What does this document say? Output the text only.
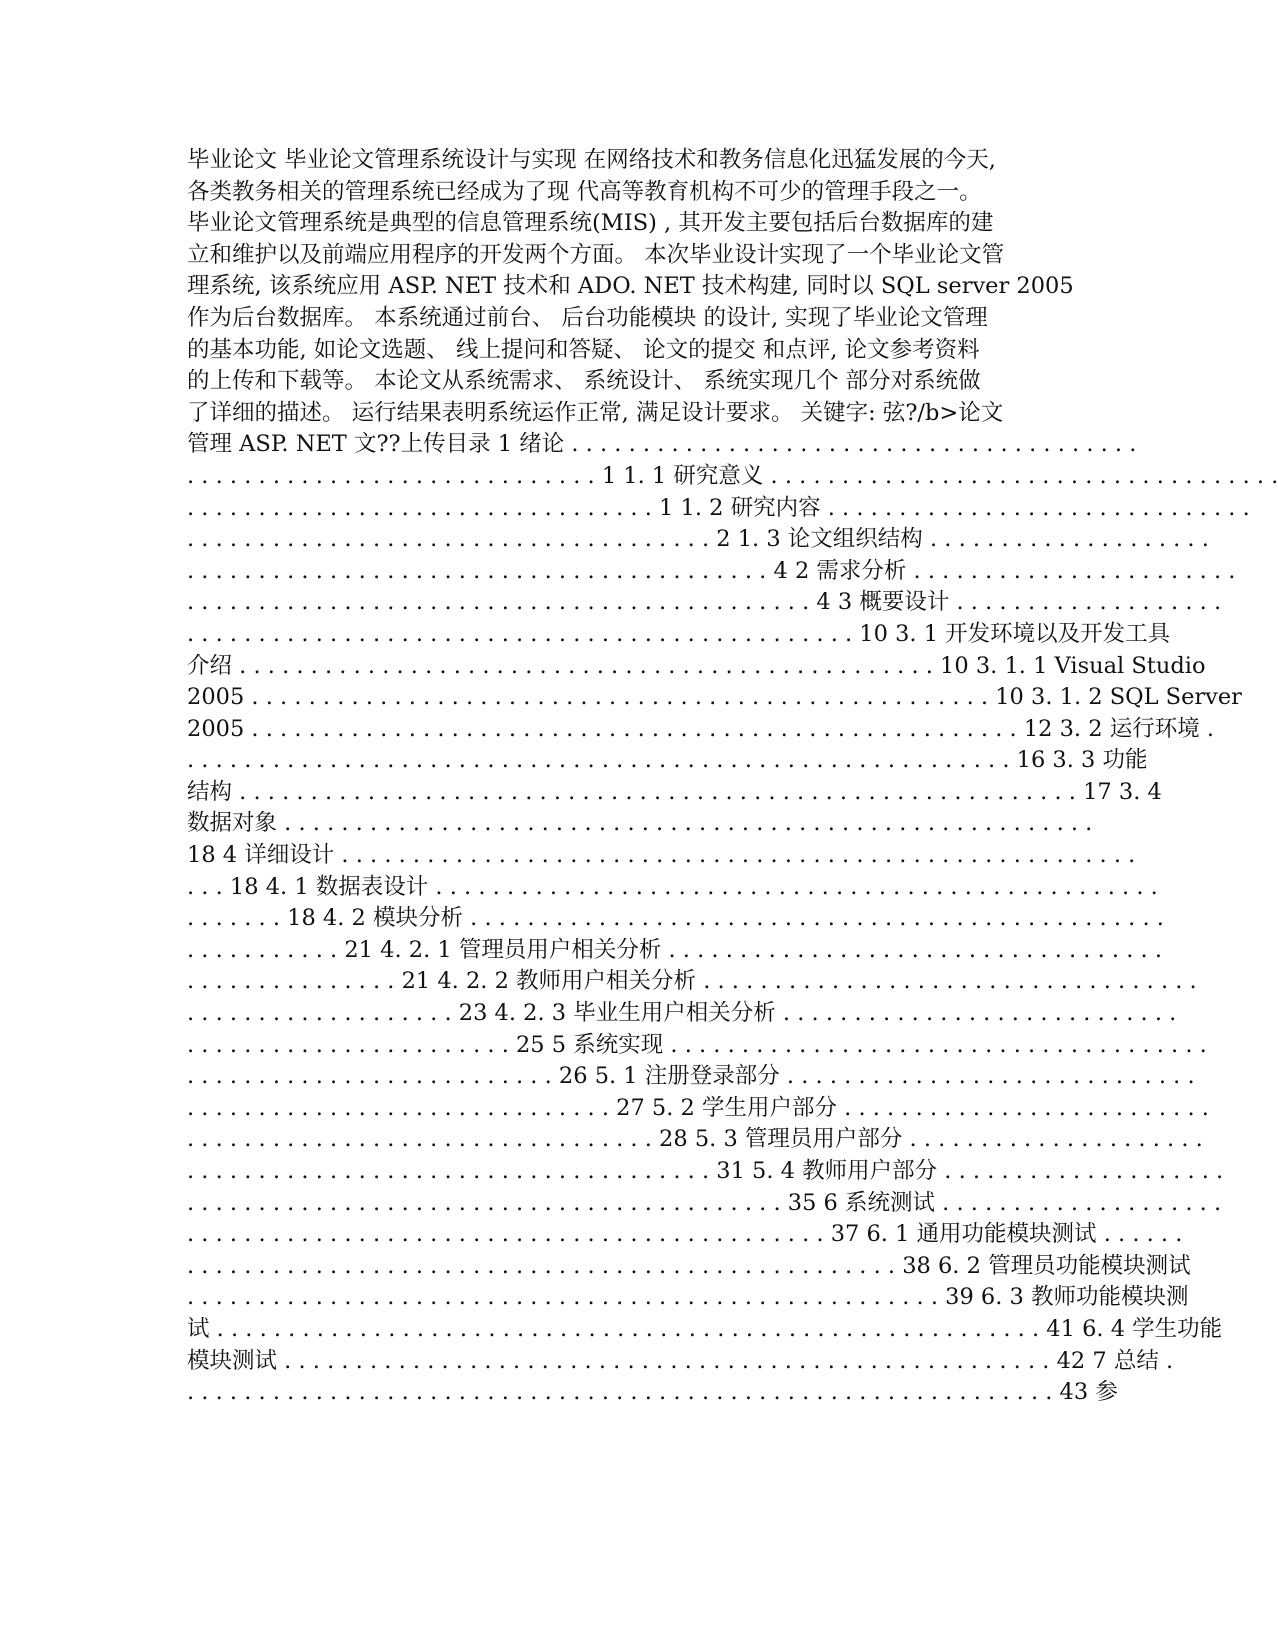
毕业论文 毕业论文管理系统设计与实现 在网络技术和教务信息化迅猛发展的今天,
各类教务相关的管理系统已经成为了现 代高等教育机构不可少的管理手段之一。
毕业论文管理系统是典型的信息管理系统(MIS) , 其开发主要包括后台数据库的建
立和维护以及前端应用程序的开发两个方面。 本次毕业设计实现了一个毕业论文管
理系统, 该系统应用 ASP. NET 技术和 ADO. NET 技术构建, 同时以 SQL server 2005
作为后台数据库。 本系统通过前台、 后台功能模块 的设计, 实现了毕业论文管理
的基本功能, 如论文选题、 线上提问和答疑、 论文的提交 和点评, 论文参考资料
的上传和下载等。 本论文从系统需求、 系统设计、 系统实现几个 部分对系统做
了详细的描述。 运行结果表明系统运作正常, 满足设计要求。 关键字: 弦?/b>论文
管理 ASP. NET 文??上传目录 1 绪论 . . . . . . . . . . . . . . . . . . . . . . . . . . . . . . . . . . . . . . . .
. . . . . . . . . . . . . . . . . . . . . . . . . . . . . 1 1. 1 研究意义 . . . . . . . . . . . . . . . . . . . . . . . . . . . . . . . . . . . .
. . . . . . . . . . . . . . . . . . . . . . . . . . . . . . . . . 1 1. 2 研究内容 . . . . . . . . . . . . . . . . . . . . . . . . . . . . . .
. . . . . . . . . . . . . . . . . . . . . . . . . . . . . . . . . . . . . 2 1. 3 论文组织结构 . . . . . . . . . . . . . . . . . . . .
. . . . . . . . . . . . . . . . . . . . . . . . . . . . . . . . . . . . . . . . . 4 2 需求分析 . . . . . . . . . . . . . . . . . . . . . . .
. . . . . . . . . . . . . . . . . . . . . . . . . . . . . . . . . . . . . . . . . . . . 4 3 概要设计 . . . . . . . . . . . . . . . . . . .
. . . . . . . . . . . . . . . . . . . . . . . . . . . . . . . . . . . . . . . . . . . . . . . 10 3. 1 开发环境以及开发工具
介绍 . . . . . . . . . . . . . . . . . . . . . . . . . . . . . . . . . . . . . . . . . . . . . . . . . 10 3. 1. 1 Visual Studio
2005 . . . . . . . . . . . . . . . . . . . . . . . . . . . . . . . . . . . . . . . . . . . . . . . . . . . . 10 3. 1. 2 SQL Server
2005 . . . . . . . . . . . . . . . . . . . . . . . . . . . . . . . . . . . . . . . . . . . . . . . . . . . . . . 12 3. 2 运行环境 .
. . . . . . . . . . . . . . . . . . . . . . . . . . . . . . . . . . . . . . . . . . . . . . . . . . . . . . . . . . 16 3. 3 功能
结构 . . . . . . . . . . . . . . . . . . . . . . . . . . . . . . . . . . . . . . . . . . . . . . . . . . . . . . . . . . . 17 3. 4
数据对象 . . . . . . . . . . . . . . . . . . . . . . . . . . . . . . . . . . . . . . . . . . . . . . . . . . . . . . . . .
18 4 详细设计 . . . . . . . . . . . . . . . . . . . . . . . . . . . . . . . . . . . . . . . . . . . . . . . . . . . . . . . .
. . . 18 4. 1 数据表设计 . . . . . . . . . . . . . . . . . . . . . . . . . . . . . . . . . . . . . . . . . . . . . . . . . . .
. . . . . . . 18 4. 2 模块分析 . . . . . . . . . . . . . . . . . . . . . . . . . . . . . . . . . . . . . . . . . . . . . . . . .
. . . . . . . . . . . 21 4. 2. 1 管理员用户相关分析 . . . . . . . . . . . . . . . . . . . . . . . . . . . . . . . . . . .
. . . . . . . . . . . . . . . 21 4. 2. 2 教师用户相关分析 . . . . . . . . . . . . . . . . . . . . . . . . . . . . . . . . . . .
. . . . . . . . . . . . . . . . . . . 23 4. 2. 3 毕业生用户相关分析 . . . . . . . . . . . . . . . . . . . . . . . . . . . .
. . . . . . . . . . . . . . . . . . . . . . . 25 5 系统实现 . . . . . . . . . . . . . . . . . . . . . . . . . . . . . . . . . . . . . .
. . . . . . . . . . . . . . . . . . . . . . . . . . 26 5. 1 注册登录部分 . . . . . . . . . . . . . . . . . . . . . . . . . . . . .
. . . . . . . . . . . . . . . . . . . . . . . . . . . . . . 27 5. 2 学生用户部分 . . . . . . . . . . . . . . . . . . . . . . . . . .
. . . . . . . . . . . . . . . . . . . . . . . . . . . . . . . . . 28 5. 3 管理员用户部分 . . . . . . . . . . . . . . . . . . . . .
. . . . . . . . . . . . . . . . . . . . . . . . . . . . . . . . . . . . . 31 5. 4 教师用户部分 . . . . . . . . . . . . . . . . . . . .
. . . . . . . . . . . . . . . . . . . . . . . . . . . . . . . . . . . . . . . . . . 35 6 系统测试 . . . . . . . . . . . . . . . . . . . .
. . . . . . . . . . . . . . . . . . . . . . . . . . . . . . . . . . . . . . . . . . . . . 37 6. 1 通用功能模块测试 . . . . . .
. . . . . . . . . . . . . . . . . . . . . . . . . . . . . . . . . . . . . . . . . . . . . . . . . . 38 6. 2 管理员功能模块测试
. . . . . . . . . . . . . . . . . . . . . . . . . . . . . . . . . . . . . . . . . . . . . . . . . . . . . 39 6. 3 教师功能模块测
试 . . . . . . . . . . . . . . . . . . . . . . . . . . . . . . . . . . . . . . . . . . . . . . . . . . . . . . . . . . 41 6. 4 学生功能
模块测试 . . . . . . . . . . . . . . . . . . . . . . . . . . . . . . . . . . . . . . . . . . . . . . . . . . . . . . 42 7 总结 .
. . . . . . . . . . . . . . . . . . . . . . . . . . . . . . . . . . . . . . . . . . . . . . . . . . . . . . . . . . . . . 43 参
